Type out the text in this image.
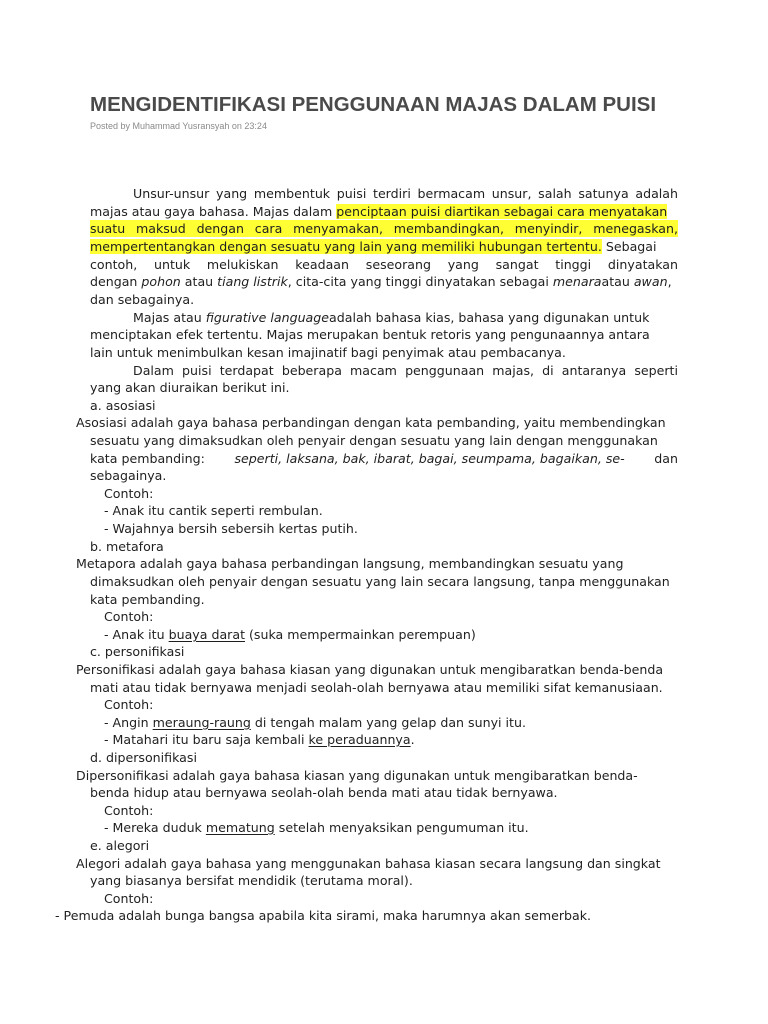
MENGIDENTIFIKASI PENGGUNAAN MAJAS DALAM PUISI
Posted by Muhammad Yusransyah on 23:24
Unsur-unsur yang membentuk puisi terdiri bermacam unsur, salah satunya adalah
majas atau gaya bahasa. Majas dalam penciptaan puisi diartikan sebagai cara menyatakan
suatu maksud dengan cara menyamakan, membandingkan, menyindir, menegaskan,
mempertentangkan dengan sesuatu yang lain yang memiliki hubungan tertentu. Sebagai
contoh, untuk melukiskan keadaan seseorang yang sangat tinggi dinyatakan
dengan pohon atau tiang listrik, cita-cita yang tinggi dinyatakan sebagai menaraatau awan,
dan sebagainya.
Majas atau figurative languageadalah bahasa kias, bahasa yang digunakan untuk
menciptakan efek tertentu. Majas merupakan bentuk retoris yang pengunaannya antara
lain untuk menimbulkan kesan imajinatif bagi penyimak atau pembacanya.
Dalam puisi terdapat beberapa macam penggunaan majas, di antaranya seperti
yang akan diuraikan berikut ini.
a. asosiasi
Asosiasi adalah gaya bahasa perbandingan dengan kata pembanding, yaitu membendingkan
sesuatu yang dimaksudkan oleh penyair dengan sesuatu yang lain dengan menggunakan
kata pembanding: seperti, laksana, bak, ibarat, bagai, seumpama, bagaikan, se- dan
sebagainya.
Contoh:
- Anak itu cantik seperti rembulan.
- Wajahnya bersih sebersih kertas putih.
b. metafora
Metapora adalah gaya bahasa perbandingan langsung, membandingkan sesuatu yang
dimaksudkan oleh penyair dengan sesuatu yang lain secara langsung, tanpa menggunakan
kata pembanding.
Contoh:
- Anak itu buaya darat (suka mempermainkan perempuan)
c. personifikasi
Personifikasi adalah gaya bahasa kiasan yang digunakan untuk mengibaratkan benda-benda
mati atau tidak bernyawa menjadi seolah-olah bernyawa atau memiliki sifat kemanusiaan.
Contoh:
- Angin meraung-raung di tengah malam yang gelap dan sunyi itu.
- Matahari itu baru saja kembali ke peraduannya.
d. dipersonifikasi
Dipersonifikasi adalah gaya bahasa kiasan yang digunakan untuk mengibaratkan benda-
benda hidup atau bernyawa seolah-olah benda mati atau tidak bernyawa.
Contoh:
- Mereka duduk mematung setelah menyaksikan pengumuman itu.
e. alegori
Alegori adalah gaya bahasa yang menggunakan bahasa kiasan secara langsung dan singkat
yang biasanya bersifat mendidik (terutama moral).
Contoh:
- Pemuda adalah bunga bangsa apabila kita sirami, maka harumnya akan semerbak.
